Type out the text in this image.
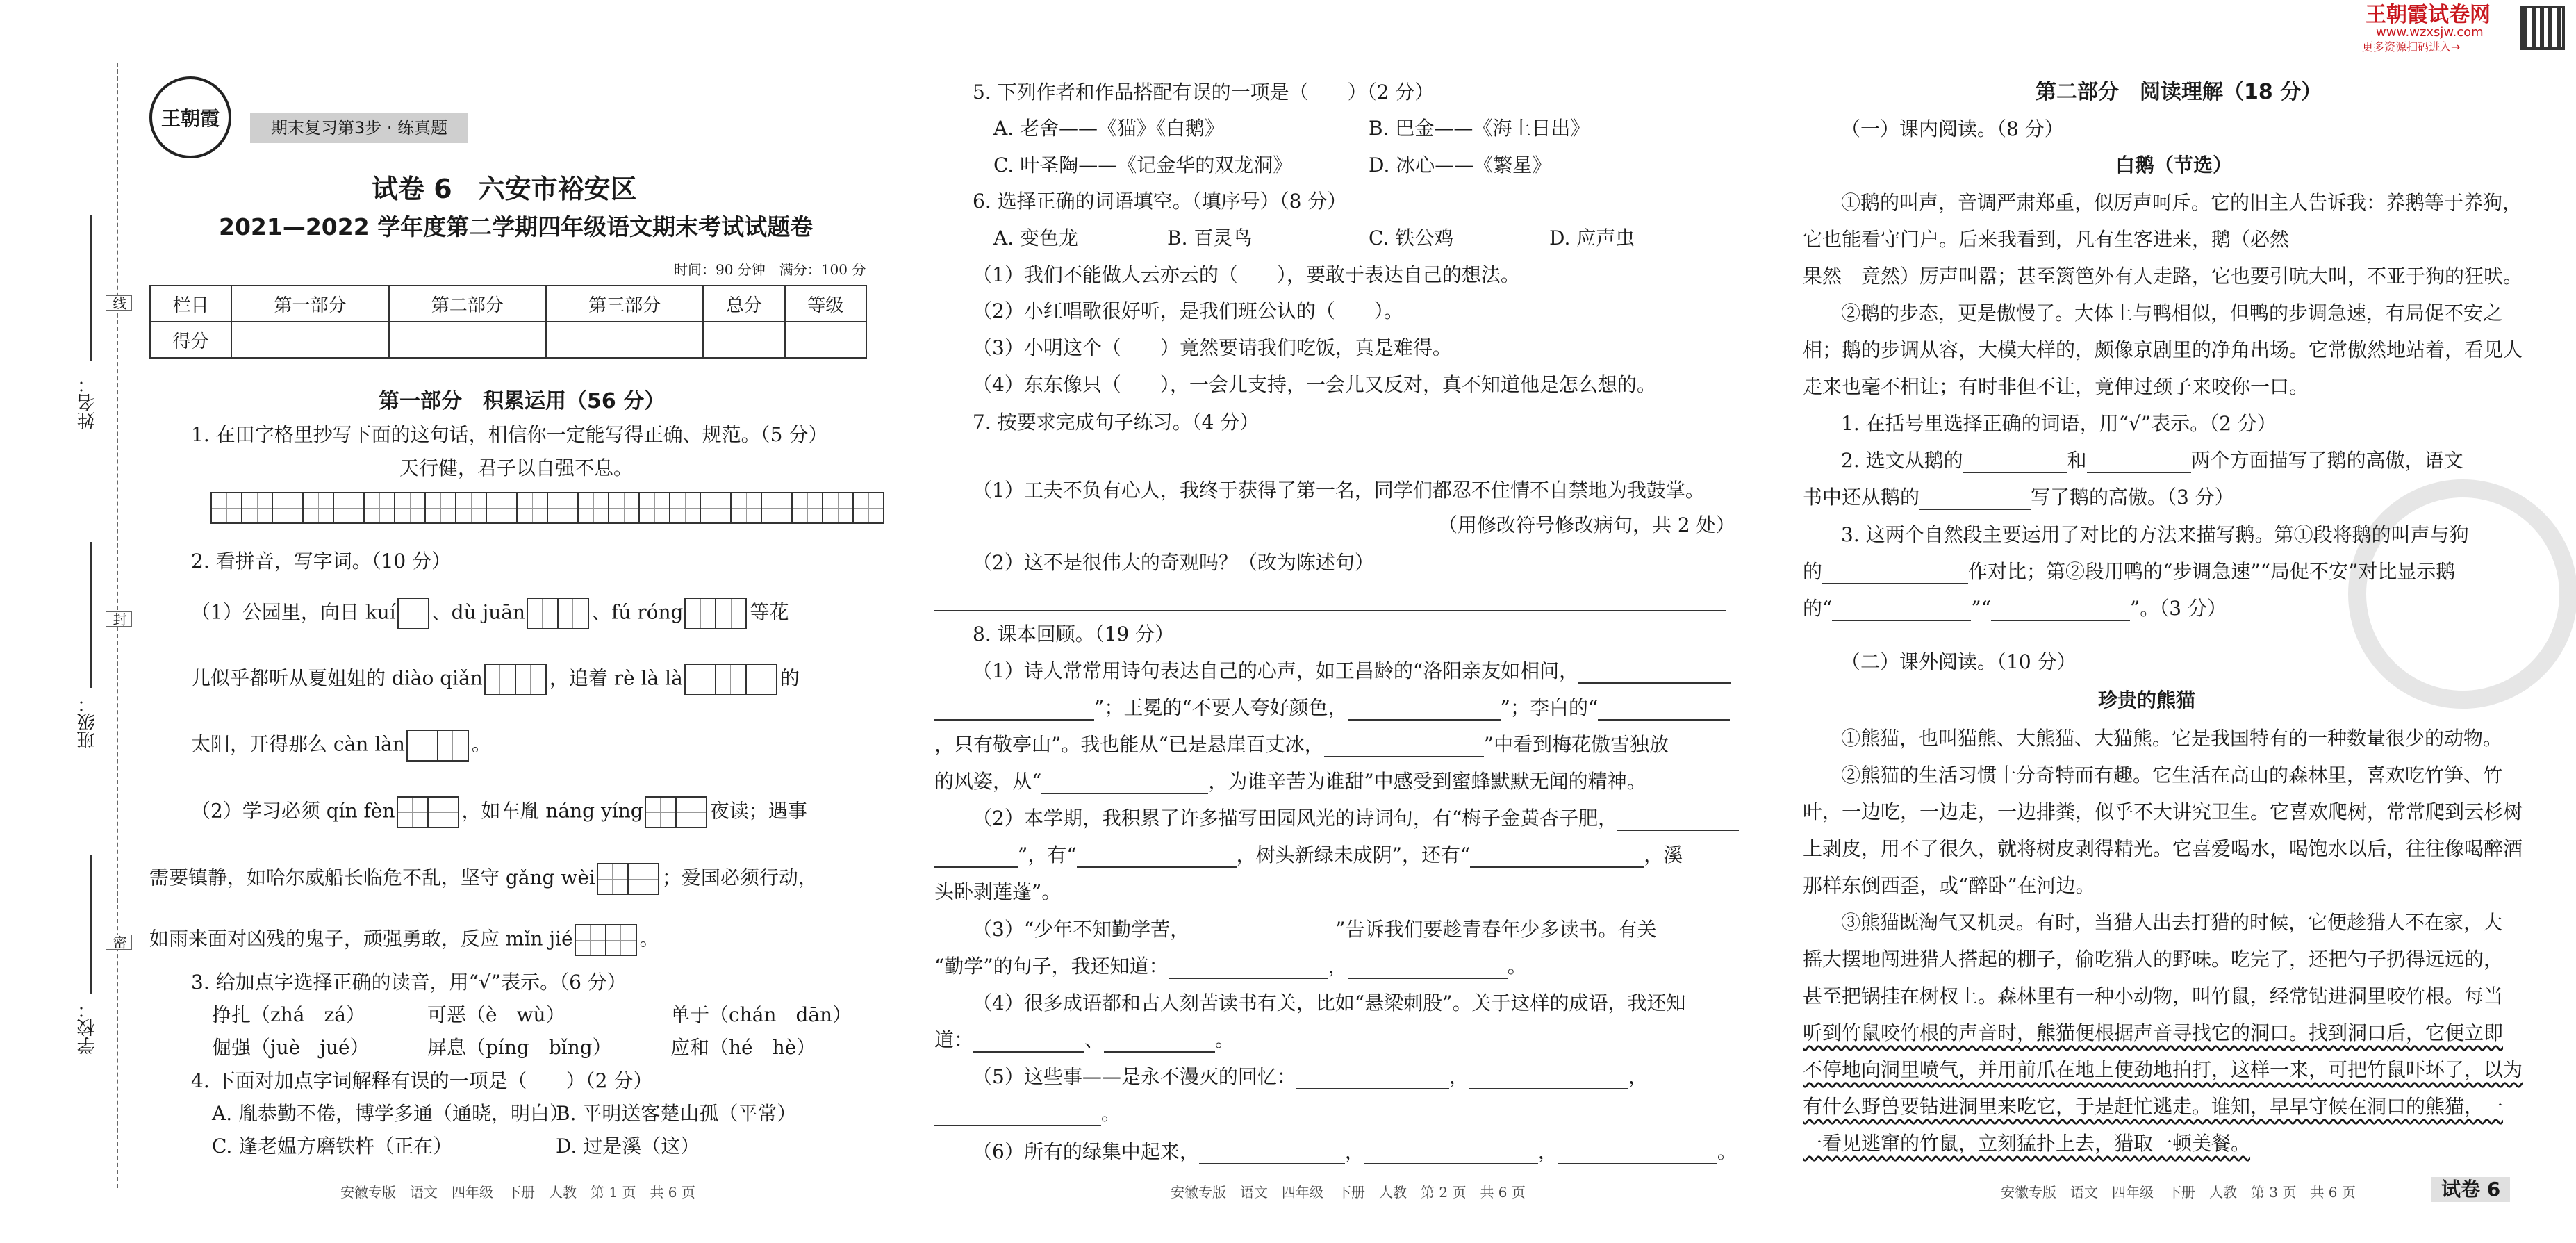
线
封
密
姓名：
班级：
学校：
王朝霞	期末复习第3步 · 练真题
试卷 6　六安市裕安区
2021—2022 学年度第二学期四年级语文期末考试试题卷
时间：90 分钟　满分：100 分
栏目	第一部分	第二部分	第三部分	总分	等级
得分					
第一部分　积累运用（56 分）
1. 在田字格里抄写下面的这句话，相信你一定能写得正确、规范。（5 分）
天行健，君子以自强不息。
2. 看拼音，写字词。（10 分）
（1）公园里，向日 kuí 、dù juān	、fú róng	等花
儿似乎都听从夏姐姐的 diào qiǎn	，追着 rè là là	的
太阳，开得那么 càn làn	。
（2）学习必须 qín fèn	，如车胤 náng yíng	夜读；遇事
需要镇静，如哈尔威船长临危不乱，坚守 gǎng wèi	；爱国必须行动，
如雨来面对凶残的鬼子，顽强勇敢，反应 mǐn jié	。
3. 给加点字选择正确的读音，用“√”表示。（6 分）
挣扎（zhá　zá）	可恶（è　wù）	单于（chán　dān）
倔强（juè　jué）	屏息（píng　bǐng）	应和（hé　hè）
4. 下面对加点字词解释有误的一项是（　　）（2 分）
A. 胤恭勤不倦，博学多通（通晓，明白）
B. 平明送客楚山孤（平常）
C. 逢老媪方磨铁杵（正在）	D. 过是溪（这）
安徽专版　语文　四年级　下册　人教　第 1 页　共 6 页
5. 下列作者和作品搭配有误的一项是（　　）（2 分）
A. 老舍——《猫》《白鹅》	B. 巴金——《海上日出》
C. 叶圣陶——《记金华的双龙洞》	D. 冰心——《繁星》
6. 选择正确的词语填空。（填序号）（8 分）
A. 变色龙	B. 百灵鸟	C. 铁公鸡	D. 应声虫
（1）我们不能做人云亦云的（　　），要敢于表达自己的想法。
（2）小红唱歌很好听，是我们班公认的（　　）。
（3）小明这个（　　）竟然要请我们吃饭，真是难得。
（4）东东像只（　　），一会儿支持，一会儿又反对，真不知道他是怎么想的。
7. 按要求完成句子练习。（4 分）
（1）工夫不负有心人，我终于获得了第一名，同学们都忍不住情不自禁地为我鼓掌。
（用修改符号修改病句，共 2 处）
（2）这不是很伟大的奇观吗？（改为陈述句）
8. 课本回顾。（19 分）
（1）诗人常常用诗句表达自己的心声，如王昌龄的“洛阳亲友如相问，
”；王冕的“不要人夸好颜色，	”；李白的“
，只有敬亭山”。我也能从“已是悬崖百丈冰，	”中看到梅花傲雪独放
的风姿，从“	，为谁辛苦为谁甜”中感受到蜜蜂默默无闻的精神。
（2）本学期，我积累了许多描写田园风光的诗词句，有“梅子金黄杏子肥，
”，有“	，树头新绿未成阴”，还有“	，溪
头卧剥莲蓬”。
（3）“少年不知勤学苦，　　　　　　　　”告诉我们要趁青春年少多读书。有关
“勤学”的句子，我还知道：	，	。
（4）很多成语都和古人刻苦读书有关，比如“悬梁刺股”。关于这样的成语，我还知
道：	、	。
（5）这些事——是永不漫灭的回忆：	，	，
。
（6）所有的绿集中起来，	，	，	。
安徽专版　语文　四年级　下册　人教　第 2 页　共 6 页
王朝霞试卷网
www.wzxsjw.com
更多资源扫码进入→
第二部分　阅读理解（18 分）
（一）课内阅读。（8 分）
白鹅（节选）
①鹅的叫声，音调严肃郑重，似厉声呵斥。它的旧主人告诉我：养鹅等于养狗，
它也能看守门户。后来我看到，凡有生客进来，鹅（必然
果然　竟然）厉声叫嚣；甚至篱笆外有人走路，它也要引吭大叫，不亚于狗的狂吠。
②鹅的步态，更是傲慢了。大体上与鸭相似，但鸭的步调急速，有局促不安之
相；鹅的步调从容，大模大样的，颇像京剧里的净角出场。它常傲然地站着，看见人
走来也毫不相让；有时非但不让，竟伸过颈子来咬你一口。
1. 在括号里选择正确的词语，用“√”表示。（2 分）
2. 选文从鹅的	和	两个方面描写了鹅的高傲，语文
书中还从鹅的	写了鹅的高傲。（3 分）
3. 这两个自然段主要运用了对比的方法来描写鹅。第①段将鹅的叫声与狗
的	作对比；第②段用鸭的“步调急速”“局促不安”对比显示鹅
的“	”“	”。（3 分）
（二）课外阅读。（10 分）
珍贵的熊猫
①熊猫，也叫猫熊、大熊猫、大猫熊。它是我国特有的一种数量很少的动物。
②熊猫的生活习惯十分奇特而有趣。它生活在高山的森林里，喜欢吃竹笋、竹
叶，一边吃，一边走，一边排粪，似乎不大讲究卫生。它喜欢爬树，常常爬到云杉树
上剥皮，用不了很久，就将树皮剥得精光。它喜爱喝水，喝饱水以后，往往像喝醉酒
那样东倒西歪，或“醉卧”在河边。
③熊猫既淘气又机灵。有时，当猎人出去打猎的时候，它便趁猎人不在家，大
摇大摆地闯进猎人搭起的棚子，偷吃猎人的野味。吃完了，还把勺子扔得远远的，
甚至把锅挂在树杈上。森林里有一种小动物，叫竹鼠，经常钻进洞里咬竹根。每当
听到竹鼠咬竹根的声音时，熊猫便根据声音寻找它的洞口。找到洞口后，它便立即
不停地向洞里喷气，并用前爪在地上使劲地拍打，这样一来，可把竹鼠吓坏了，以为
有什么野兽要钻进洞里来吃它，于是赶忙逃走。谁知，早早守候在洞口的熊猫，一
一看见逃窜的竹鼠，立刻猛扑上去，猎取一顿美餐。
安徽专版　语文　四年级　下册　人教　第 3 页　共 6 页	试卷 6
